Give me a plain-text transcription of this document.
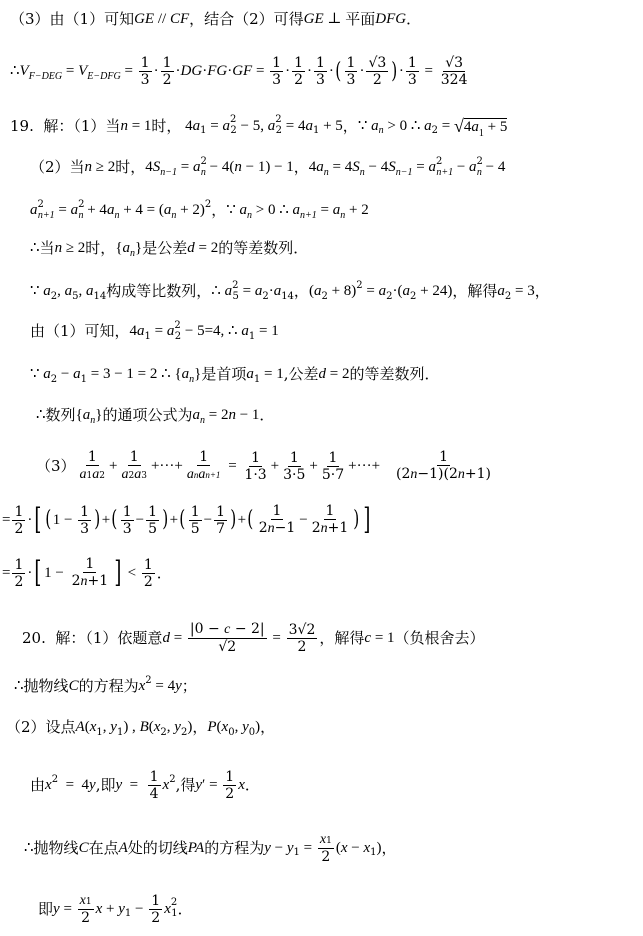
（3）由（1）可知 GE // CF ，结合（2）可得 GE ⊥ 平面 DFG ．
∴ V F−DEG = V $E-DFG = \frac{1}{3} \cdot \frac{1}{2}$ · DG · FG · GF = $\frac{1}{3} \cdot \frac{1}{2} \cdot \frac{1}{3}$ · ( $\frac{1}{3} \cdot \frac{√3}{2}$ ) · $\frac{1}{3} = \frac{√3}{324}$
19.  解：（1）当 n = 1 时， 4 a 1 = a 2
2 − 5, a 2
2 = 4 a 1 + 5 ， ∵ a n > 0 ∴ a 2 = √ $4a_1 + 5$
（2）当 n ≥ 2 时， 4 S n−1 = a 2
n − 4( n − 1) − 1 ， 4 a n = 4 S n − 4 S n−1 = a 2
n+1 − a 2
n − 4
a 2
n+1 = a 2
n + 4 a n + 4 = ( a n + 2) 2 ， ∵ a n > 0 ∴ a n+1 = a n + 2
∴ 当 n ≥ 2 时， { a n } 是公差 d = 2 的等差数列．
∵ a 2 , a 5 , a 14 构成等比数列， ∴ a 2
5 = a 2 · a 14 ， ( a 2 + 8) 2 = a 2 ·( a 2 + 24) ，解得 a 2 = 3 ，
由（1）可知， 4 a 1 = a 2
2 − 5=4, ∴ a 1 = 1
∵ a 2 − a 1 = 3 − 1 = 2 ∴ { a n } 是首项 a 1 = 1 ,公差 d = 2 的等差数列．
∴ 数列 { a n } 的通项公式为 a n = 2 n − 1 ．
$(3) \frac{1}{a1a2} + \frac{1}{a2a3}$ +···+ $\frac{1}{\text{anan+1}} = \frac{1}{1\cdot 3} + \frac{1}{3\cdot 5} + \frac{1}{5\cdot 7}$ +···+ $\frac{1}{(2n-1)(2n+1)}$
= $\frac{1}{2}$ · [ ( $1 - \frac{1}{3}$ ) + ( $\frac{1}{3} - \frac{1}{5}$ ) + ( $\frac{1}{5} - \frac{1}{7}$ ) + ( $\frac{1}{2n-1} - \frac{1}{2n+1}$ ) ]
= $\frac{1}{2}$ · [ $1 - \frac{1}{2n+1}$ ] < $\frac{1}{2}$ ．
20.  解：（1）依题意 $d = \frac{|0 - c - 2|}{√2} = \frac{3√2}{2}$ ，解得 c = 1 （负根舍去）
∴ 抛物线 C 的方程为 x 2 = 4 y ；
（2）设点 A ( x 1 , y 1 ) , B ( x 2 , y 2 ) ， P ( x 0 , y 0 ) ，
由 x 2 =  4 y ,即 $y = \frac{1}{4}$ x 2 ,得 y ′ = $\frac{1}{2}$ x ．
∴ 抛物线 C 在点 A 处的切线 PA 的方程为 y − y $1 = \frac{x1}{2}$ ( x − x 1 ) ，
即 $y = \frac{x1}{2}$ x + y $1 - \frac{1}{2}$ x 2
1 ．
